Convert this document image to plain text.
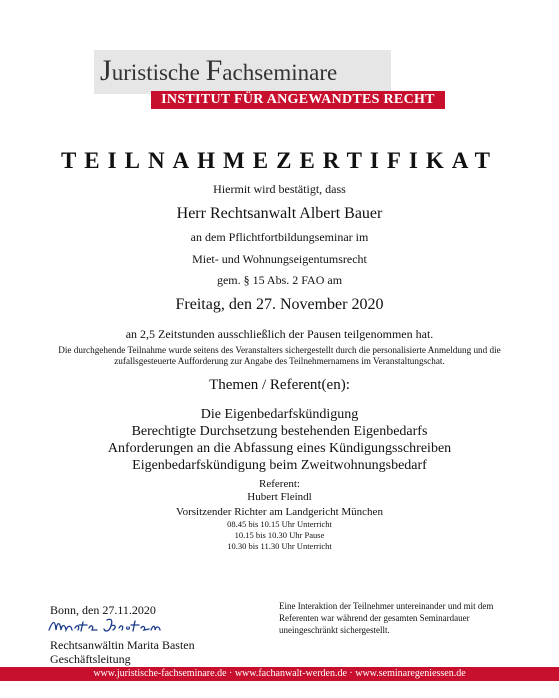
Juristische Fachseminare
INSTITUT FÜR ANGEWANDTES RECHT
TEILNAHMEZERTIFIKAT
Hiermit wird bestätigt, dass
Herr Rechtsanwalt Albert Bauer
an dem Pflichtfortbildungseminar im
Miet- und Wohnungseigentumsrecht
gem. § 15 Abs. 2 FAO am
Freitag, den 27. November 2020
an 2,5 Zeitstunden ausschließlich der Pausen teilgenommen hat.
Die durchgehende Teilnahme wurde seitens des Veranstalters sichergestellt durch die personalisierte Anmeldung und die zufallsgesteuerte Aufforderung zur Angabe des Teilnehmernamens im Veranstaltungschat.
Themen / Referent(en):
Die Eigenbedarfskündigung
Berechtigte Durchsetzung bestehenden Eigenbedarfs
Anforderungen an die Abfassung eines Kündigungsschreiben
Eigenbedarfskündigung beim Zweitwohnungsbedarf
Referent:
Hubert Fleindl
Vorsitzender Richter am Landgericht München
08.45 bis 10.15 Uhr Unterricht
10.15 bis 10.30 Uhr Pause
10.30 bis 11.30 Uhr Unterricht
Bonn, den 27.11.2020
Rechtsanwältin Marita Basten
Geschäftsleitung
Eine Interaktion der Teilnehmer untereinander und mit dem Referenten war während der gesamten Seminardauer uneingeschränkt sichergestellt.
www.juristische-fachseminare.de · www.fachanwalt-werden.de · www.seminaregeniessen.de
